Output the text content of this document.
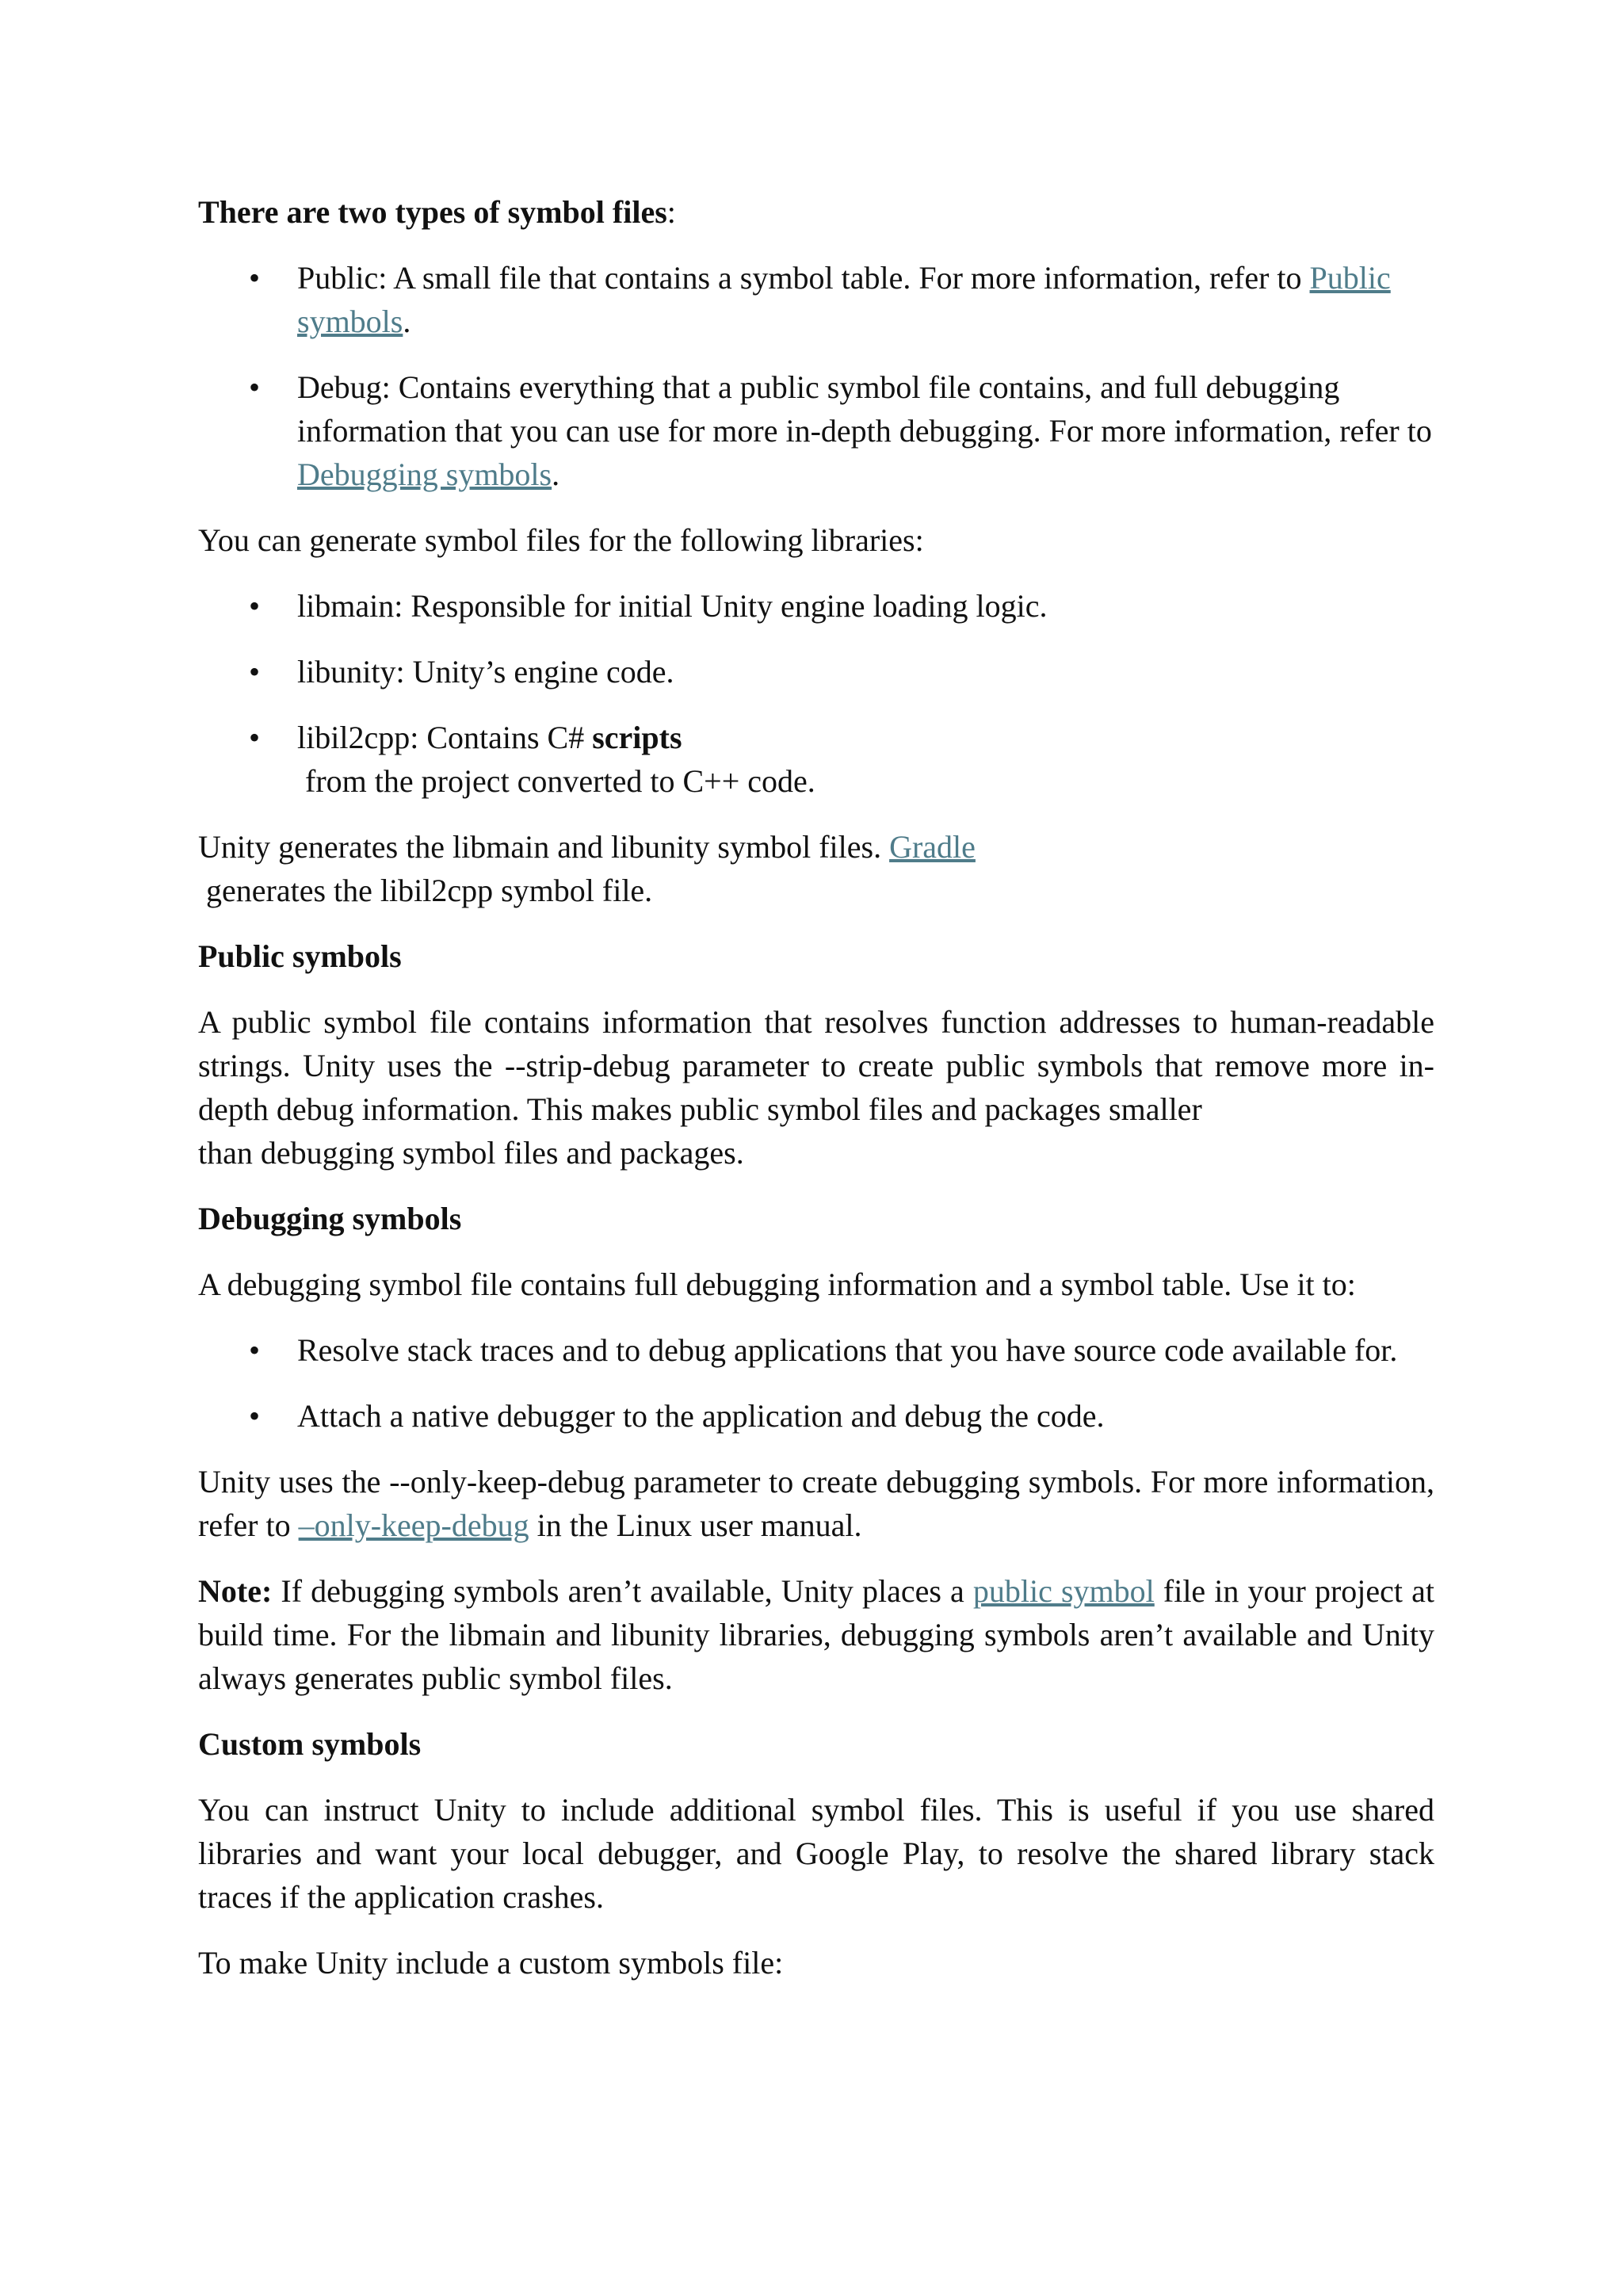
There are two types of symbol files:

• Public: A small file that contains a symbol table. For more information, refer to Public symbols.
• Debug: Contains everything that a public symbol file contains, and full debugging information that you can use for more in-depth debugging. For more information, refer to Debugging symbols.

You can generate symbol files for the following libraries:

• libmain: Responsible for initial Unity engine loading logic.
• libunity: Unity’s engine code.
• libil2cpp: Contains C# scripts
from the project converted to C++ code.

Unity generates the libmain and libunity symbol files. Gradle
generates the libil2cpp symbol file.

Public symbols

A public symbol file contains information that resolves function addresses to human-readable strings. Unity uses the --strip-debug parameter to create public symbols that remove more in-depth debug information. This makes public symbol files and packages smaller
than debugging symbol files and packages.

Debugging symbols

A debugging symbol file contains full debugging information and a symbol table. Use it to:

• Resolve stack traces and to debug applications that you have source code available for.
• Attach a native debugger to the application and debug the code.

Unity uses the --only-keep-debug parameter to create debugging symbols. For more information, refer to –only-keep-debug in the Linux user manual.

Note: If debugging symbols aren’t available, Unity places a public symbol file in your project at build time. For the libmain and libunity libraries, debugging symbols aren’t available and Unity always generates public symbol files.

Custom symbols

You can instruct Unity to include additional symbol files. This is useful if you use shared libraries and want your local debugger, and Google Play, to resolve the shared library stack traces if the application crashes.

To make Unity include a custom symbols file:
